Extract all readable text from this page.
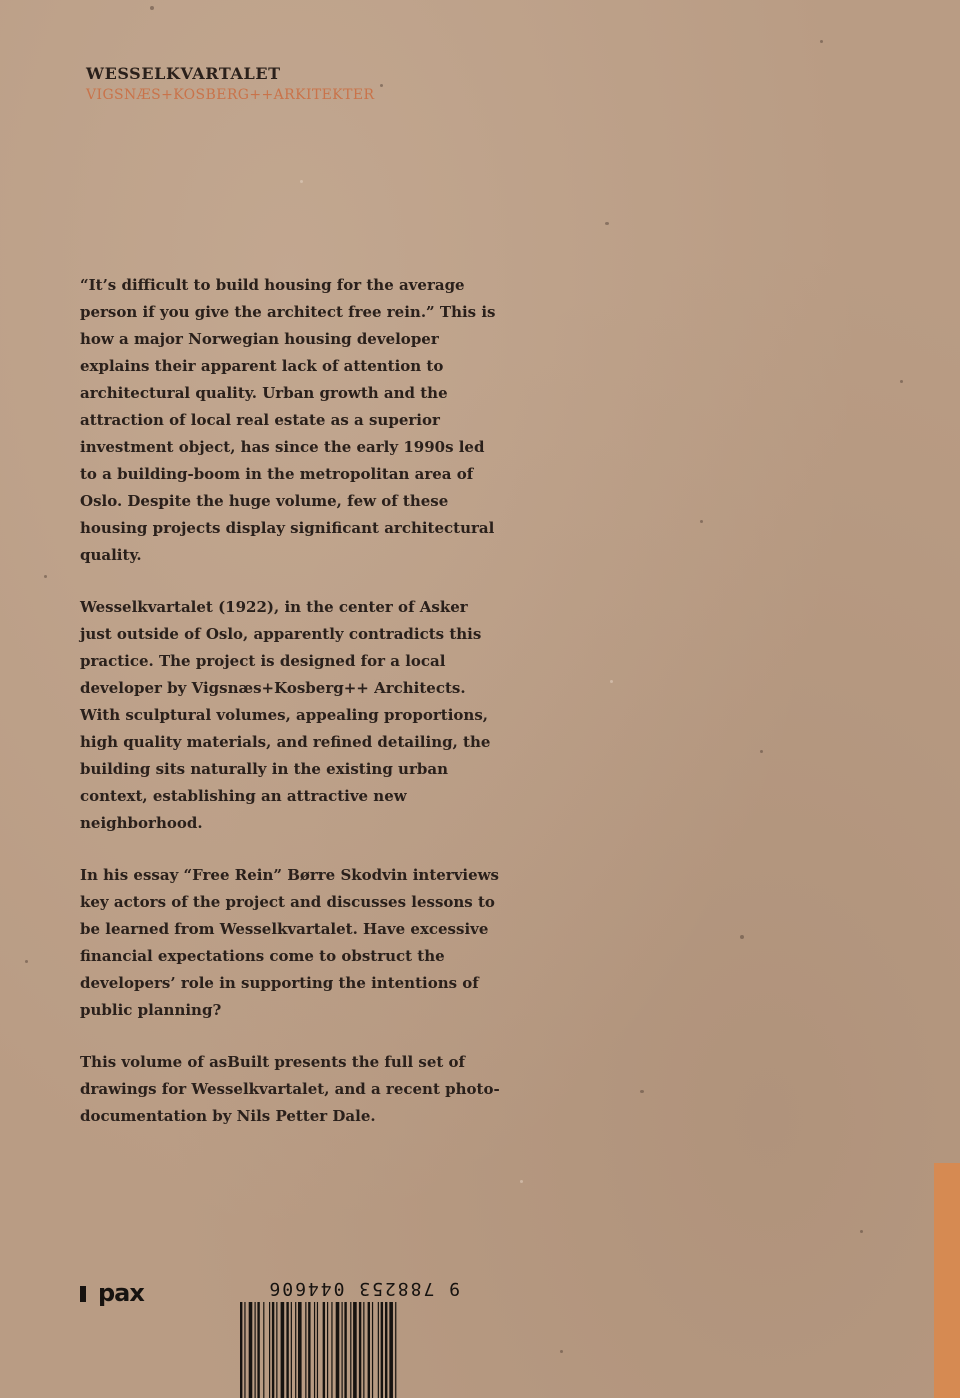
WESSELKVARTALET
VIGSNÆS+KOSBERG++ARKITEKTER

“It’s difficult to build housing for the average person if you give the architect free rein.” This is how a major Norwegian housing developer explains their apparent lack of attention to architectural quality. Urban growth and the attraction of local real estate as a superior investment object, has since the early 1990s led to a building-boom in the metropolitan area of Oslo. Despite the huge volume, few of these housing projects display significant architectural quality.

Wesselkvartalet (1922), in the center of Asker just outside of Oslo, apparently contradicts this practice. The project is designed for a local developer by Vigsnæs+Kosberg++ Architects. With sculptural volumes, appealing proportions, high quality materials, and refined detailing, the building sits naturally in the existing urban context, establishing an attractive new neighborhood.

In his essay “Free Rein” Børre Skodvin interviews key actors of the project and discusses lessons to be learned from Wesselkvartalet. Have excessive financial expectations come to obstruct the developers’ role in supporting the intentions of public planning?

This volume of asBuilt presents the full set of drawings for Wesselkvartalet, and a recent photo-documentation by Nils Petter Dale.

pax	9 788253 044606
